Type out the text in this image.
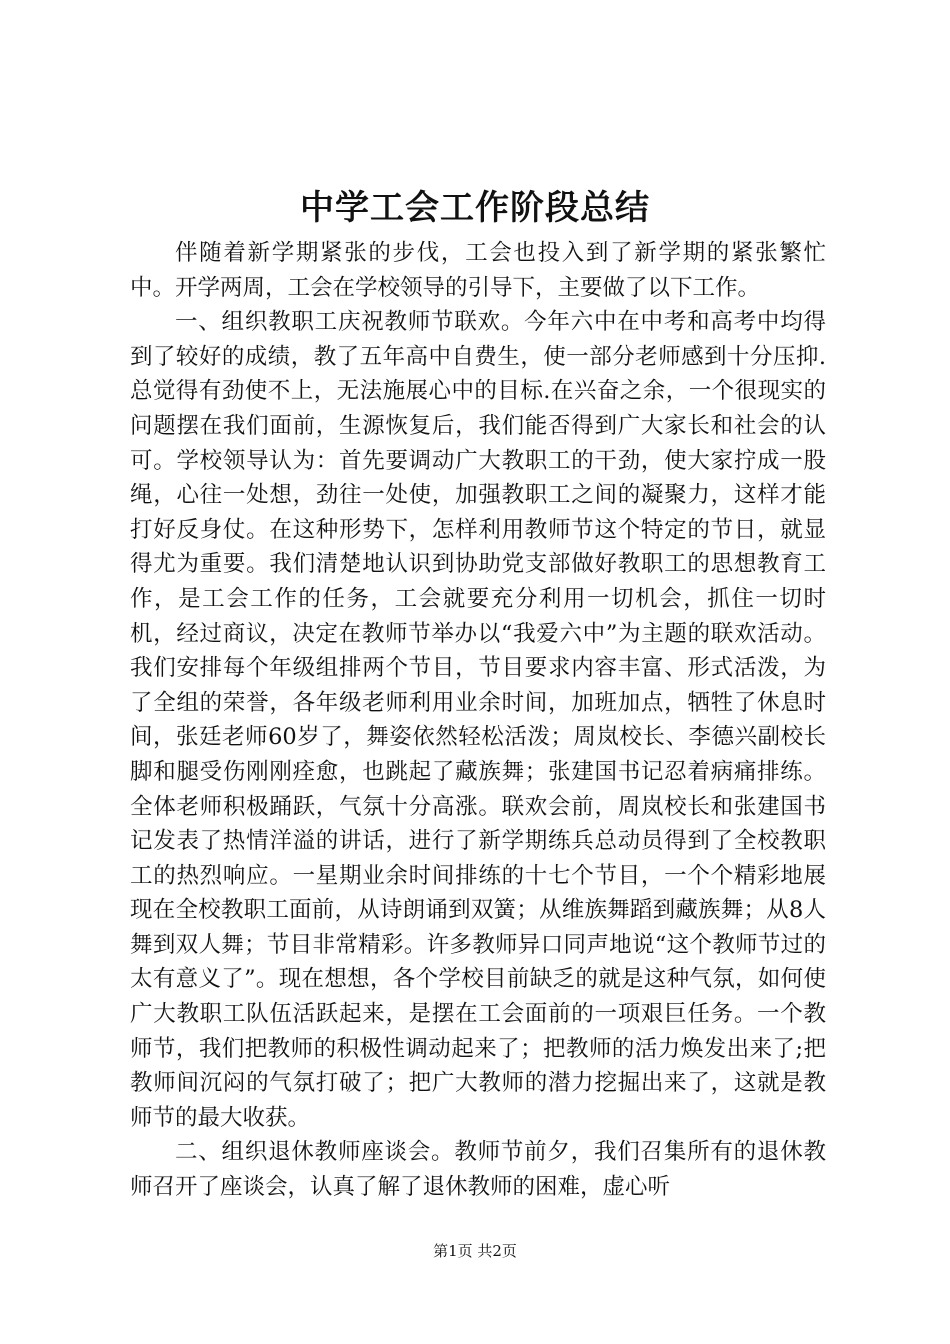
中学工会工作阶段总结

伴随着新学期紧张的步伐，工会也投入到了新学期的紧张繁忙中。开学两周，工会在学校领导的引导下，主要做了以下工作。

一、组织教职工庆祝教师节联欢。今年六中在中考和高考中均得到了较好的成绩，教了五年高中自费生，使一部分老师感到十分压抑.总觉得有劲使不上，无法施展心中的目标.在兴奋之余，一个很现实的问题摆在我们面前，生源恢复后，我们能否得到广大家长和社会的认可。学校领导认为：首先要调动广大教职工的干劲，使大家拧成一股绳，心往一处想，劲往一处使，加强教职工之间的凝聚力，这样才能打好反身仗。在这种形势下，怎样利用教师节这个特定的节日，就显得尤为重要。我们清楚地认识到协助党支部做好教职工的思想教育工作，是工会工作的任务，工会就要充分利用一切机会，抓住一切时机，经过商议，决定在教师节举办以“我爱六中”为主题的联欢活动。我们安排每个年级组排两个节目，节目要求内容丰富、形式活泼，为了全组的荣誉，各年级老师利用业余时间，加班加点，牺牲了休息时间，张廷老师60岁了，舞姿依然轻松活泼；周岚校长、李德兴副校长脚和腿受伤刚刚痊愈，也跳起了藏族舞；张建国书记忍着病痛排练。全体老师积极踊跃，气氛十分高涨。联欢会前，周岚校长和张建国书记发表了热情洋溢的讲话，进行了新学期练兵总动员得到了全校教职工的热烈响应。一星期业余时间排练的十七个节目，一个个精彩地展现在全校教职工面前，从诗朗诵到双簧；从维族舞蹈到藏族舞；从8人舞到双人舞；节目非常精彩。许多教师异口同声地说“这个教师节过的太有意义了”。现在想想，各个学校目前缺乏的就是这种气氛，如何使广大教职工队伍活跃起来，是摆在工会面前的一项艰巨任务。一个教师节，我们把教师的积极性调动起来了；把教师的活力焕发出来了;把教师间沉闷的气氛打破了；把广大教师的潜力挖掘出来了，这就是教师节的最大收获。

二、组织退休教师座谈会。教师节前夕，我们召集所有的退休教师召开了座谈会，认真了解了退休教师的困难，虚心听

第1页 共2页
